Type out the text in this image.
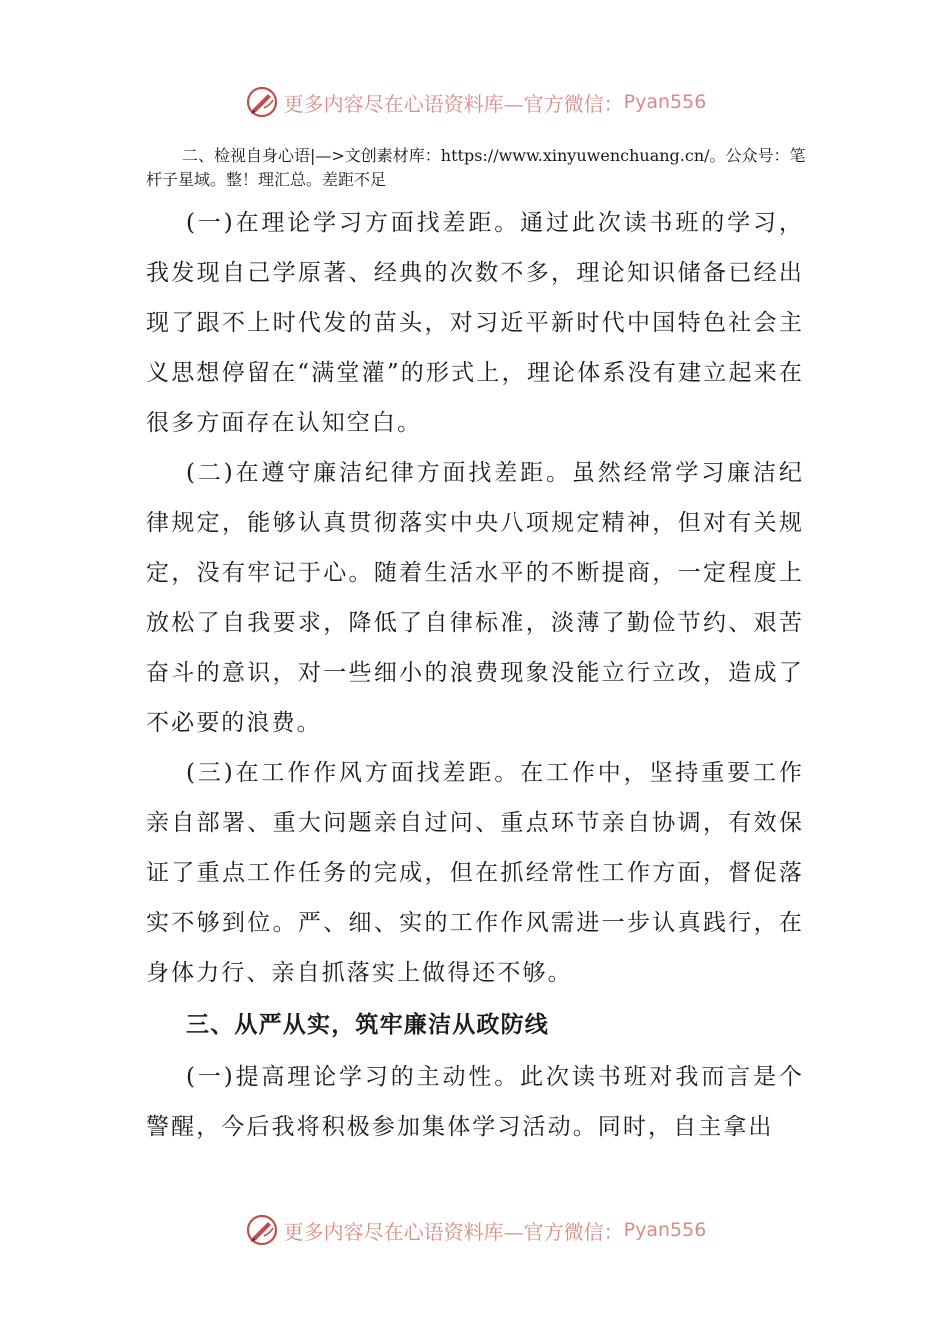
更多内容尽在心语资料库—官方微信： Pyan556
二、检视自身心语|—>文创素材库：https://www.xinyuwenchuang.cn/。公众号：笔杆子星域。整！理汇总。差距不足

(一)在理论学习方面找差距。通过此次读书班的学习，我发现自己学原著、经典的次数不多，理论知识储备已经出现了跟不上时代发的苗头，对习近平新时代中国特色社会主义思想停留在“满堂灌”的形式上，理论体系没有建立起来在很多方面存在认知空白。

(二)在遵守廉洁纪律方面找差距。虽然经常学习廉洁纪律规定，能够认真贯彻落实中央八项规定精神，但对有关规定，没有牢记于心。随着生活水平的不断提商，一定程度上放松了自我要求，降低了自律标准，淡薄了勤俭节约、艰苦奋斗的意识，对一些细小的浪费现象没能立行立改，造成了不必要的浪费。

(三)在工作作风方面找差距。在工作中，坚持重要工作亲自部署、重大问题亲自过问、重点环节亲自协调，有效保证了重点工作任务的完成，但在抓经常性工作方面，督促落实不够到位。严、细、实的工作作风需进一步认真践行，在身体力行、亲自抓落实上做得还不够。

三、从严从实，筑牢廉洁从政防线

(一)提高理论学习的主动性。此次读书班对我而言是个警醒，今后我将积极参加集体学习活动。同时，自主拿出

更多内容尽在心语资料库—官方微信： Pyan556
